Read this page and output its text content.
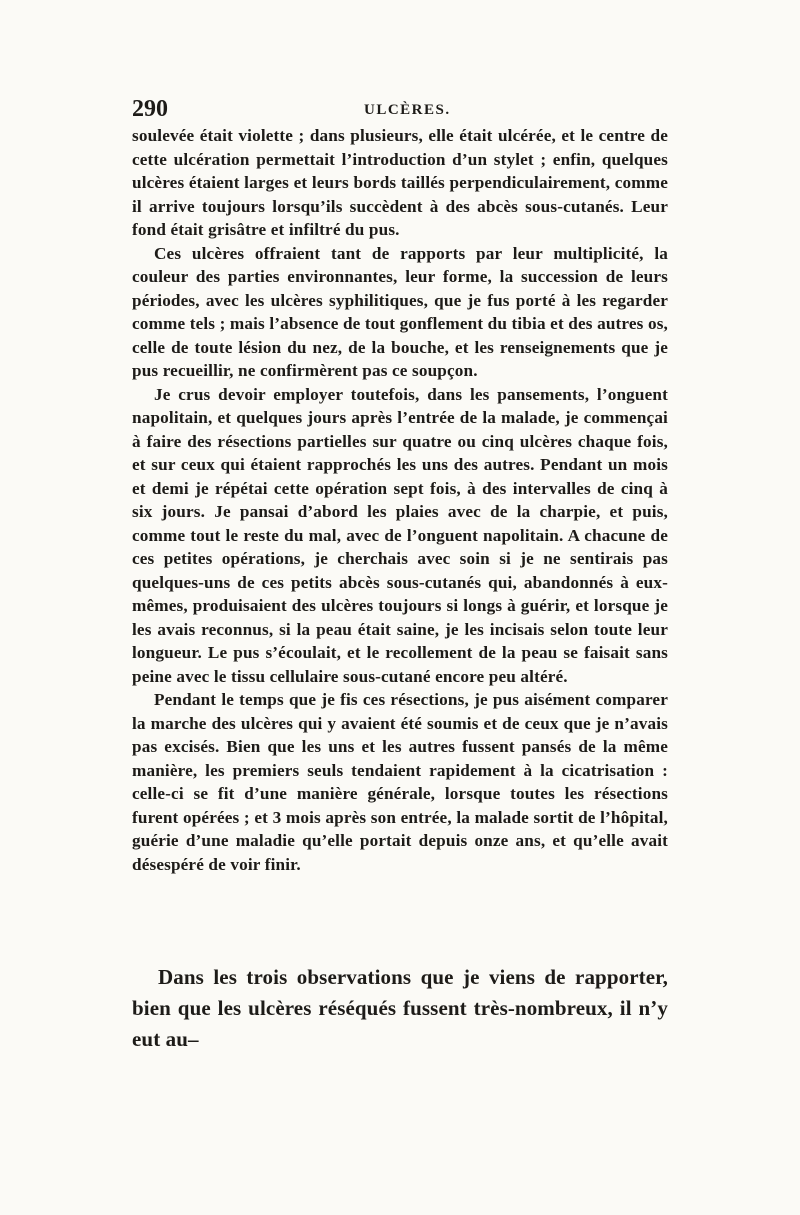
290	ULCÈRES.

soulevée était violette ; dans plusieurs, elle était ulcérée, et le centre de cette ulcération permettait l’introduction d’un stylet ; enfin, quelques ulcères étaient larges et leurs bords taillés perpendiculairement, comme il arrive toujours lorsqu’ils succèdent à des abcès sous-cutanés. Leur fond était grisâtre et infiltré du pus.

Ces ulcères offraient tant de rapports par leur multiplicité, la couleur des parties environnantes, leur forme, la succession de leurs périodes, avec les ulcères syphilitiques, que je fus porté à les regarder comme tels ; mais l’absence de tout gonflement du tibia et des autres os, celle de toute lésion du nez, de la bouche, et les renseignements que je pus recueillir, ne confirmèrent pas ce soupçon.

Je crus devoir employer toutefois, dans les pansements, l’onguent napolitain, et quelques jours après l’entrée de la malade, je commençai à faire des résections partielles sur quatre ou cinq ulcères chaque fois, et sur ceux qui étaient rapprochés les uns des autres. Pendant un mois et demi je répétai cette opération sept fois, à des intervalles de cinq à six jours. Je pansai d’abord les plaies avec de la charpie, et puis, comme tout le reste du mal, avec de l’onguent napolitain. A chacune de ces petites opérations, je cherchais avec soin si je ne sentirais pas quelques-uns de ces petits abcès sous-cutanés qui, abandonnés à eux-mêmes, produisaient des ulcères toujours si longs à guérir, et lorsque je les avais reconnus, si la peau était saine, je les incisais selon toute leur longueur. Le pus s’écoulait, et le recollement de la peau se faisait sans peine avec le tissu cellulaire sous-cutané encore peu altéré.

Pendant le temps que je fis ces résections, je pus aisément comparer la marche des ulcères qui y avaient été soumis et de ceux que je n’avais pas excisés. Bien que les uns et les autres fussent pansés de la même manière, les premiers seuls tendaient rapidement à la cicatrisation : celle-ci se fit d’une manière générale, lorsque toutes les résections furent opérées ; et 3 mois après son entrée, la malade sortit de l’hôpital, guérie d’une maladie qu’elle portait depuis onze ans, et qu’elle avait désespéré de voir finir.

Dans les trois observations que je viens de rapporter, bien que les ulcères réséqués fussent très-nombreux, il n’y eut au–
